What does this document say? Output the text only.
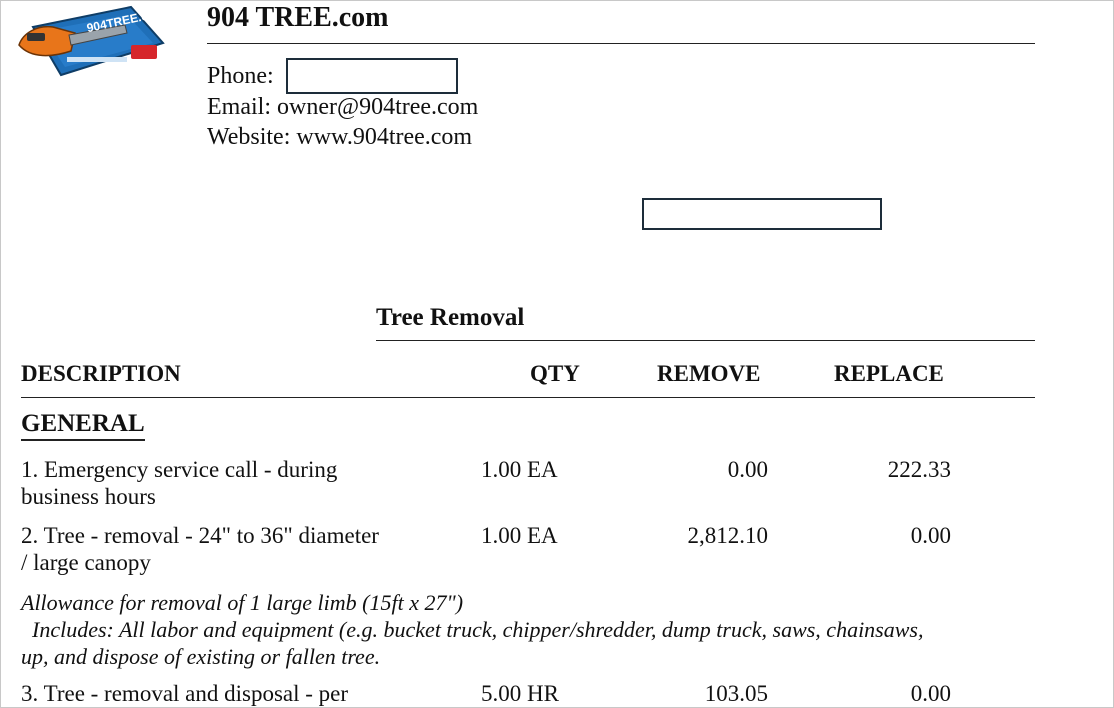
904TREE.com 904 TREE.com
Phone:
Email: owner@904tree.com
Website: www.904tree.com
Tree Removal
DESCRIPTION	QTY	REMOVE	REPLACE
GENERAL
1. Emergency service call - during
business hours
1.00 EA	0.00	222.33
2. Tree - removal - 24" to 36" diameter
/ large canopy
1.00 EA	2,812.10	0.00
Allowance for removal of 1 large limb (15ft x 27")
Includes: All labor and equipment (e.g. bucket truck, chipper/shredder, dump truck, saws, chainsaws,
up, and dispose of existing or fallen tree.
3. Tree - removal and disposal - per	5.00 HR	103.05	0.00
